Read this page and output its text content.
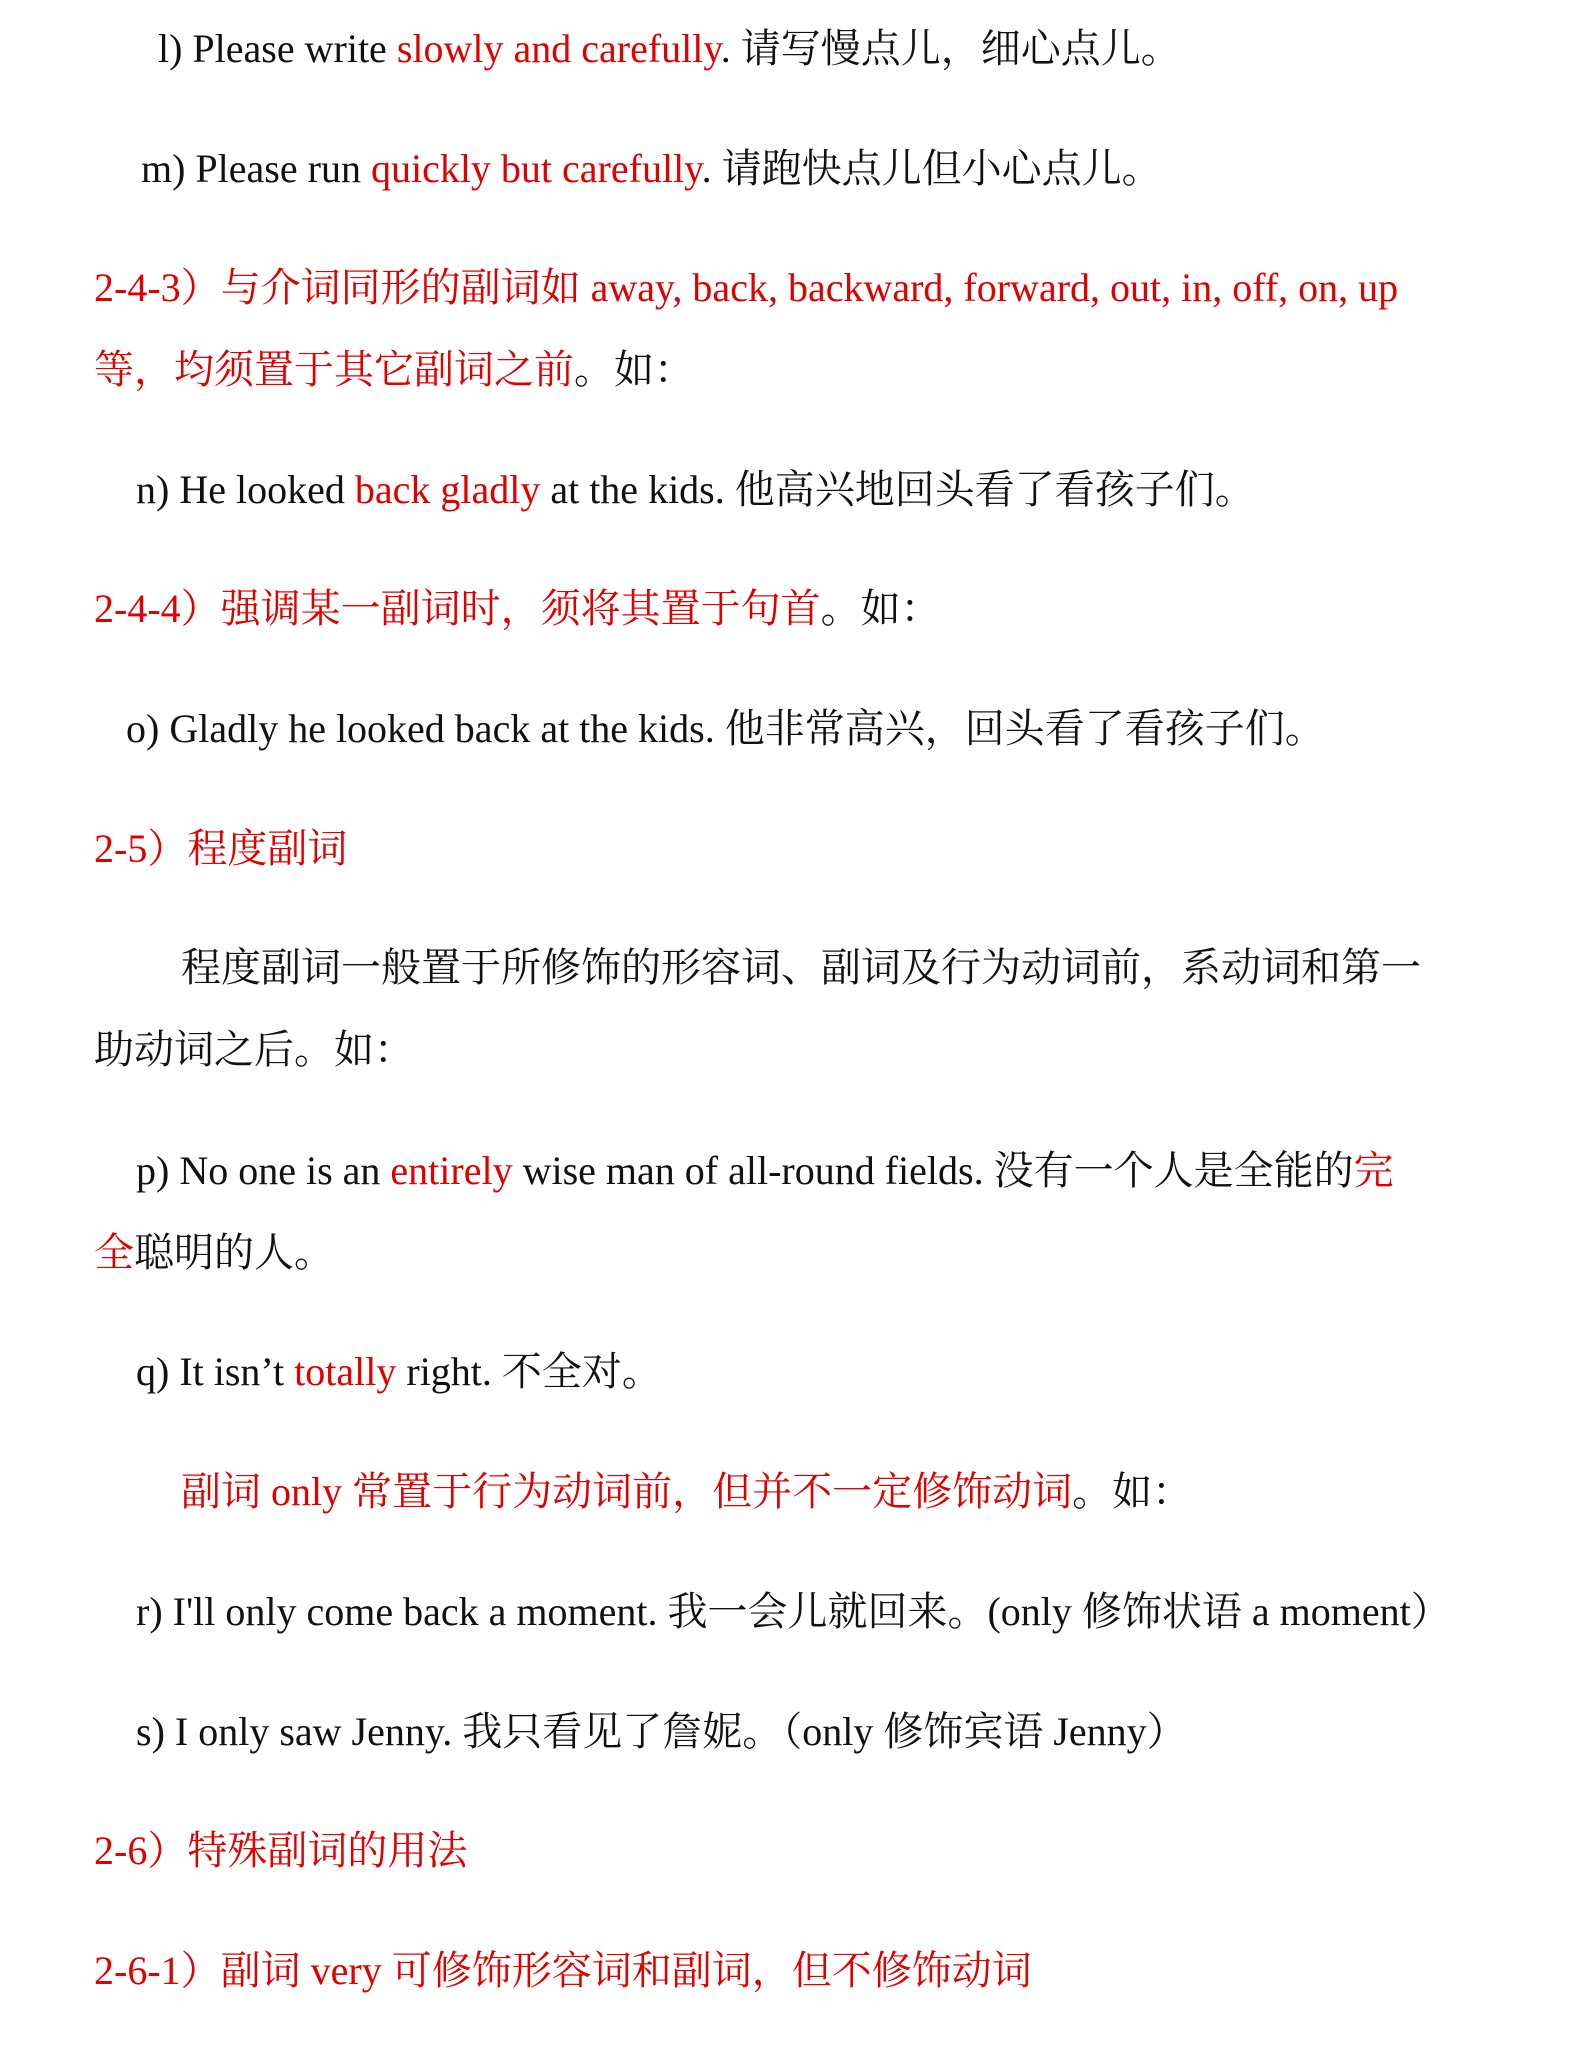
l) Please write slowly and carefully. 请写慢点儿，细心点儿。
m) Please run quickly but carefully. 请跑快点儿但小心点儿。
2-4-3）与介词同形的副词如 away, back, backward, forward, out, in, off, on, up
等，均须置于其它副词之前。如：
n) He looked back gladly at the kids. 他高兴地回头看了看孩子们。
2-4-4）强调某一副词时，须将其置于句首。如：
o) Gladly he looked back at the kids. 他非常高兴，回头看了看孩子们。
2-5）程度副词
程度副词一般置于所修饰的形容词、副词及行为动词前，系动词和第一
助动词之后。如：
p) No one is an entirely wise man of all-round fields. 没有一个人是全能的完
全聪明的人。
q) It isn’t totally right. 不全对。
副词 only 常置于行为动词前，但并不一定修饰动词。如：
r) I'll only come back a moment. 我一会儿就回来。(only 修饰状语 a moment）
s) I only saw Jenny. 我只看见了詹妮。（only 修饰宾语 Jenny）
2-6）特殊副词的用法
2-6-1）副词 very 可修饰形容词和副词，但不修饰动词
